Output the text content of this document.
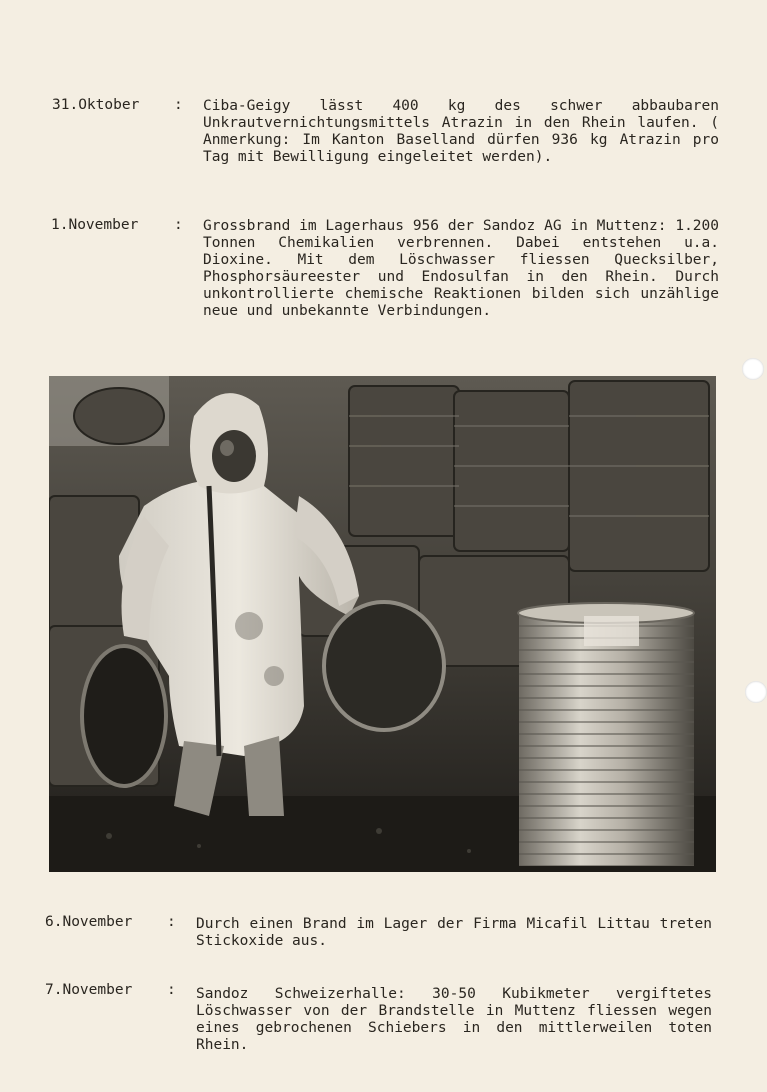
31.Oktober : Ciba-Geigy lässt 400 kg des schwer abbaubaren Unkrautvernichtungsmittels Atrazin in den Rhein laufen. ( Anmerkung: Im Kanton Baselland dürfen 936 kg Atrazin pro Tag mit Bewilligung eingeleitet werden).
1.November : Grossbrand im Lagerhaus 956 der Sandoz AG in Muttenz: 1.200 Tonnen Chemikalien verbrennen. Dabei entstehen u.a. Dioxine. Mit dem Löschwasser fliessen Quecksilber, Phosphorsäureester und Endosulfan in den Rhein. Durch unkontrollierte chemische Reaktionen bilden sich unzählige neue und unbekannte Verbindungen.
6.November : Durch einen Brand im Lager der Firma Micafil Littau treten Stickoxide aus.
7.November : Sandoz Schweizerhalle: 30-50 Kubikmeter vergiftetes Löschwasser von der Brandstelle in Muttenz fliessen wegen eines gebrochenen Schiebers in den mittlerweilen toten Rhein.
